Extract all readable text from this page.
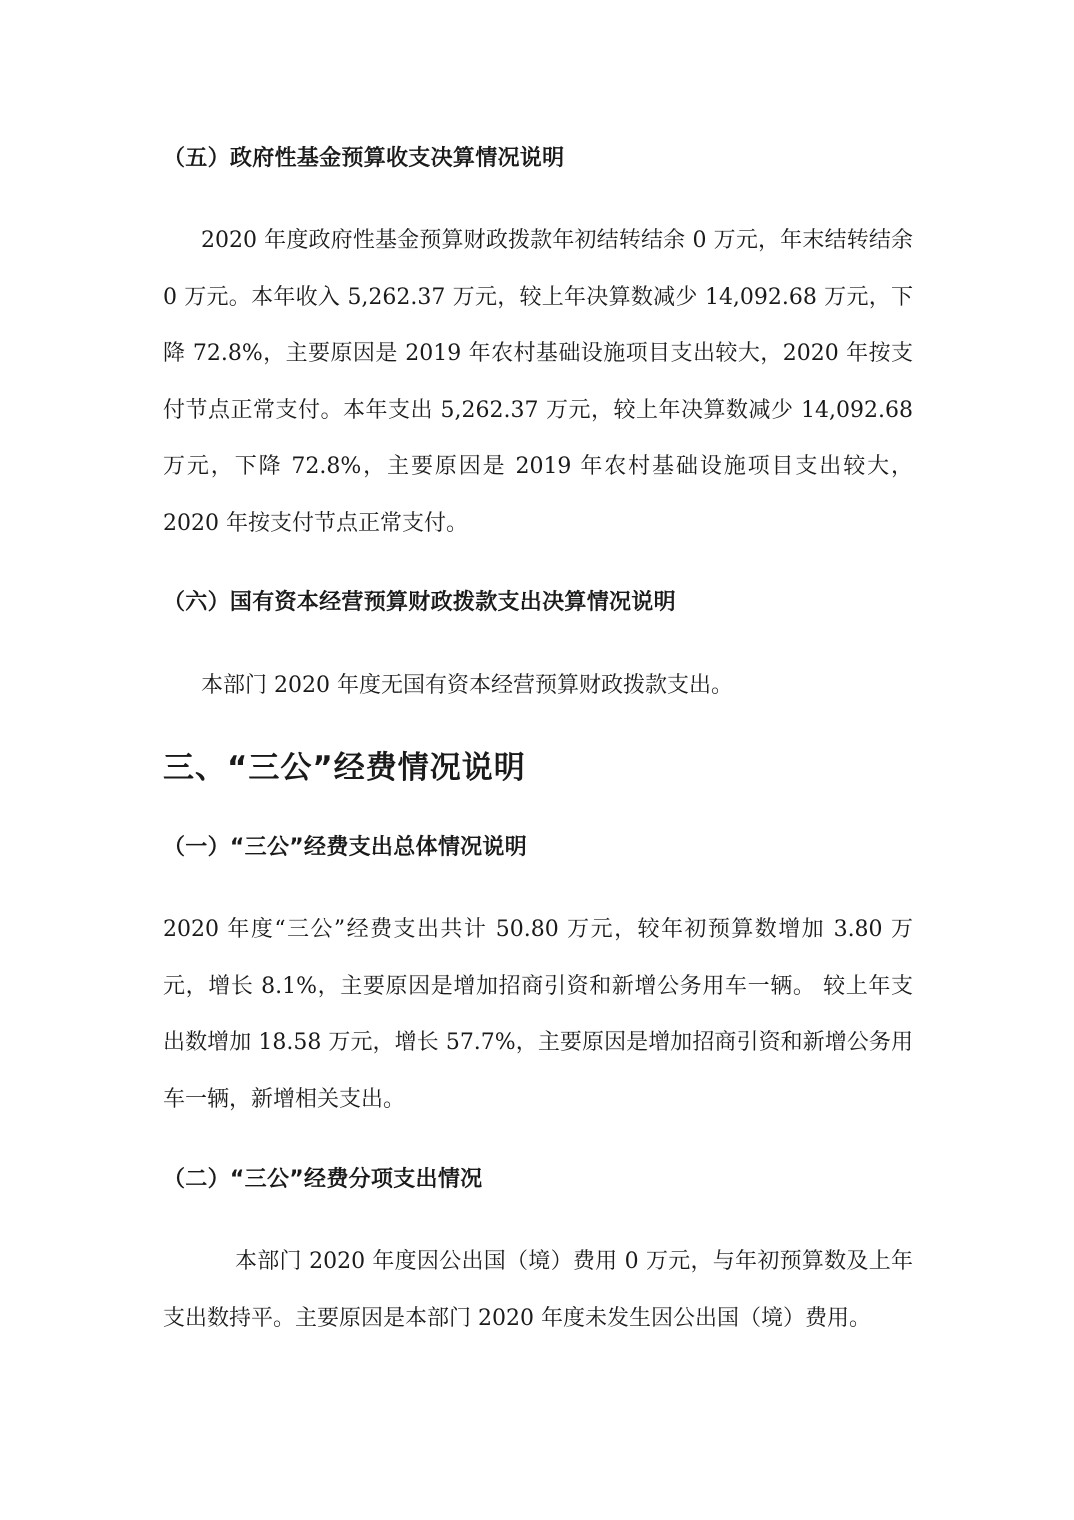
（五）政府性基金预算收支决算情况说明

2020 年度政府性基金预算财政拨款年初结转结余 0 万元，年末结转结余 0 万元。本年收入 5,262.37 万元，较上年决算数减少 14,092.68 万元，下降 72.8%，主要原因是 2019 年农村基础设施项目支出较大，2020 年按支付节点正常支付。本年支出 5,262.37 万元，较上年决算数减少 14,092.68 万元，下降 72.8%，主要原因是 2019 年农村基础设施项目支出较大，2020 年按支付节点正常支付。

（六）国有资本经营预算财政拨款支出决算情况说明

本部门 2020 年度无国有资本经营预算财政拨款支出。

三、“三公”经费情况说明
（一）“三公”经费支出总体情况说明

2020 年度“三公”经费支出共计 50.80 万元，较年初预算数增加 3.80 万元，增长 8.1%，主要原因是增加招商引资和新增公务用车一辆。 较上年支出数增加 18.58 万元，增长 57.7%，主要原因是增加招商引资和新增公务用车一辆，新增相关支出。

（二）“三公”经费分项支出情况

本部门 2020 年度因公出国（境）费用 0 万元，与年初预算数及上年支出数持平。主要原因是本部门 2020 年度未发生因公出国（境）费用。
